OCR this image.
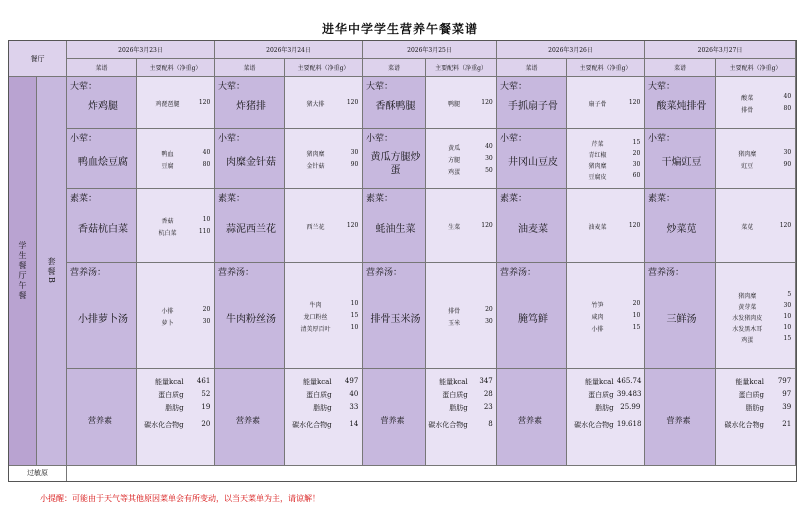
进华中学学生营养午餐菜谱
餐厅
学生餐厅午餐	套餐B
过敏原
2026年3月23日
菜谱	主要配料（净重g）
大荤：
炸鸡腿	鸡琵琶腿	120
小荤：
鸭血烩豆腐
鸭血	40
豆腐	80
素菜：
香菇杭白菜
香菇	10
杭白菜	110
营养汤：
小排萝卜汤
小排	20
萝卜	30
营养素
能量kcal	461
蛋白质g	52
脂肪g	19
碳水化合物g	20
2026年3月24日
菜谱	主要配料（净重g）
大荤：
炸猪排	猪大排	120
小荤：
肉糜金针菇
猪肉糜	30
金针菇	90
素菜：
蒜泥西兰花	西兰花	120
营养汤：
牛肉粉丝汤
牛肉	10
龙口粉丝	15
清美厚百叶	10
营养素
能量kcal	497
蛋白质g	40
脂肪g	33
碳水化合物g	14
2026年3月25日
菜谱	主要配料（净重g）
大荤：
香酥鸭腿	鸭腿	120
小荤：
黄瓜方腿炒蛋
黄瓜	40
方腿	30
鸡蛋	50
素菜：
蚝油生菜	生菜	120
营养汤：
排骨玉米汤
排骨	20
玉米	30
营养素
能量kcal	347
蛋白质g	28
脂肪g	23
碳水化合物g	8
2026年3月26日
菜谱	主要配料（净重g）
大荤：
手抓扇子骨	扇子骨	120
小荤：
井冈山豆皮
芹菜	15
青红椒	20
猪肉糜	30
豆腐皮	60
素菜：
油麦菜	油麦菜	120
营养汤：
腌笃鲜
竹笋	20
咸肉	10
小排	15
营养素
能量kcal 465.74
蛋白质g 39.483
脂肪g 25.99
碳水化合物g 19.618
2026年3月27日
菜谱	主要配料（净重g）
大荤：
酸菜炖排骨
酸菜	40
排骨	80
小荤：
干煸豇豆
猪肉糜	30
豇豆	90
素菜：
炒菜苋	菜苋	120
营养汤：
三鲜汤
猪肉糜	5
黄芽菜	30
水发猪肉皮	10
水发黑木耳	10
鸡蛋	15
营养素
能量kcal	797
蛋白质g	97
脂肪g	39
碳水化合物g	21
小提醒：可能由于天气等其他原因菜单会有所变动，以当天菜单为主，请谅解！
